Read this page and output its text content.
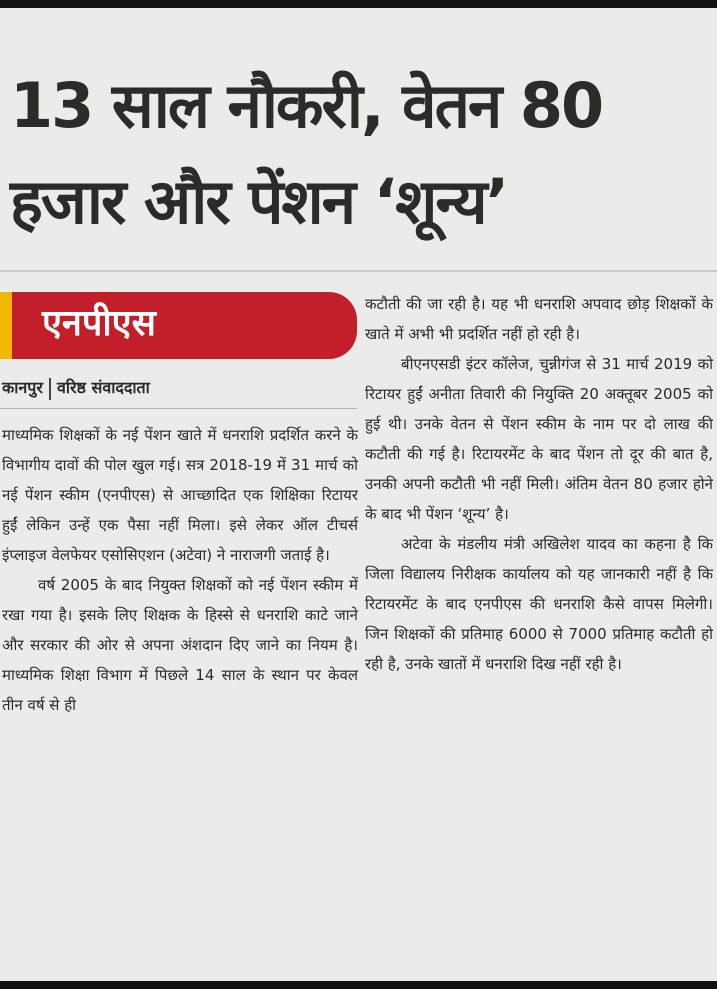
13 साल नौकरी, वेतन 80
हजार और पेंशन ‘शून्य’
एनपीएस
कानपुर वरिष्ठ संवाददाता

माध्यमिक शिक्षकों के नई पेंशन खाते में धनराशि प्रदर्शित करने के विभागीय दावों की पोल खुल गई। सत्र 2018-19 में 31 मार्च को नई पेंशन स्कीम (एनपीएस) से आच्छादित एक शिक्षिका रिटायर हुईं लेकिन उन्हें एक पैसा नहीं मिला। इसे लेकर ऑल टीचर्स इंप्लाइज वेलफेयर एसोसिएशन (अटेवा) ने नाराजगी जताई है।

वर्ष 2005 के बाद नियुक्त शिक्षकों को नई पेंशन स्कीम में रखा गया है। इसके लिए शिक्षक के हिस्से से धनराशि काटे जाने और सरकार की ओर से अपना अंशदान दिए जाने का नियम है। माध्यमिक शिक्षा विभाग में पिछले 14 साल के स्थान पर केवल तीन वर्ष से ही

कटौती की जा रही है। यह भी धनराशि अपवाद छोड़ शिक्षकों के खाते में अभी भी प्रदर्शित नहीं हो रही है।

बीएनएसडी इंटर कॉलेज, चुन्नीगंज से 31 मार्च 2019 को रिटायर हुईं अनीता तिवारी की नियुक्ति 20 अक्तूबर 2005 को हुई थी। उनके वेतन से पेंशन स्कीम के नाम पर दो लाख की कटौती की गई है। रिटायरमेंट के बाद पेंशन तो दूर की बात है, उनकी अपनी कटौती भी नहीं मिली। अंतिम वेतन 80 हजार होने के बाद भी पेंशन ‘शून्य’ है।

अटेवा के मंडलीय मंत्री अखिलेश यादव का कहना है कि जिला विद्यालय निरीक्षक कार्यालय को यह जानकारी नहीं है कि रिटायरमेंट के बाद एनपीएस की धनराशि कैसे वापस मिलेगी। जिन शिक्षकों की प्रतिमाह 6000 से 7000 प्रतिमाह कटौती हो रही है, उनके खातों में धनराशि दिख नहीं रही है।
